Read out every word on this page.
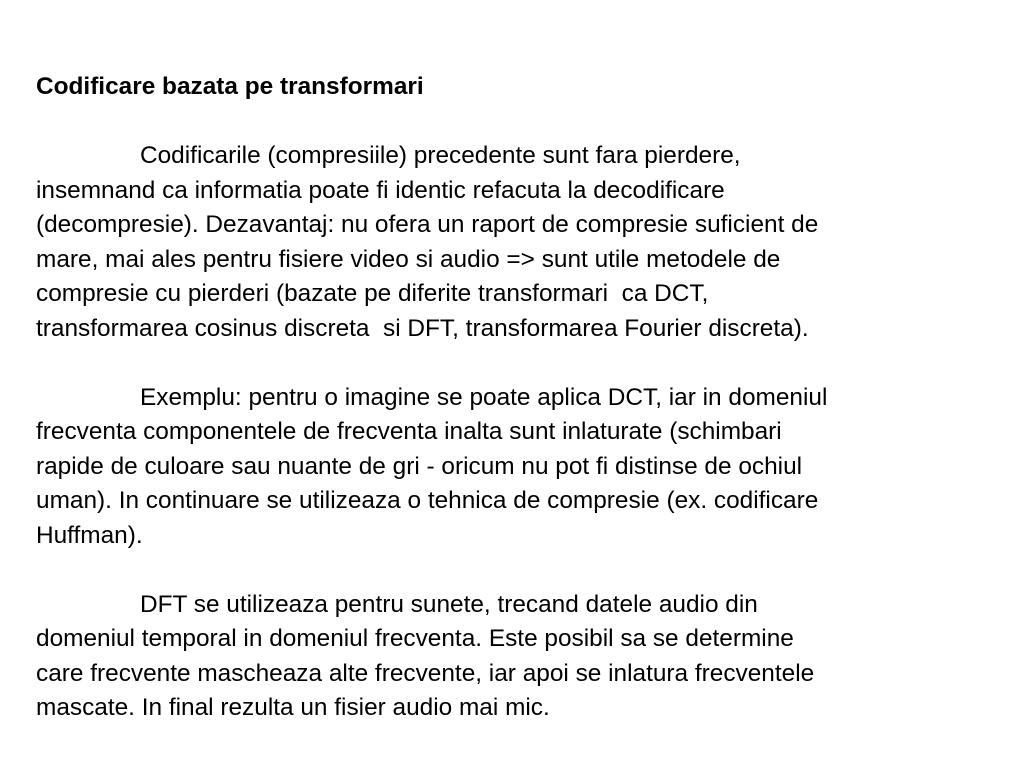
Codificare bazata pe transformari

Codificarile (compresiile) precedente sunt fara pierdere,
insemnand ca informatia poate fi identic refacuta la decodificare
(decompresie). Dezavantaj: nu ofera un raport de compresie suficient de
mare, mai ales pentru fisiere video si audio => sunt utile metodele de
compresie cu pierderi (bazate pe diferite transformari  ca DCT,
transformarea cosinus discreta  si DFT, transformarea Fourier discreta).
Exemplu: pentru o imagine se poate aplica DCT, iar in domeniul
frecventa componentele de frecventa inalta sunt inlaturate (schimbari
rapide de culoare sau nuante de gri - oricum nu pot fi distinse de ochiul
uman). In continuare se utilizeaza o tehnica de compresie (ex. codificare
Huffman).
DFT se utilizeaza pentru sunete, trecand datele audio din
domeniul temporal in domeniul frecventa. Este posibil sa se determine
care frecvente mascheaza alte frecvente, iar apoi se inlatura frecventele
mascate. In final rezulta un fisier audio mai mic.
